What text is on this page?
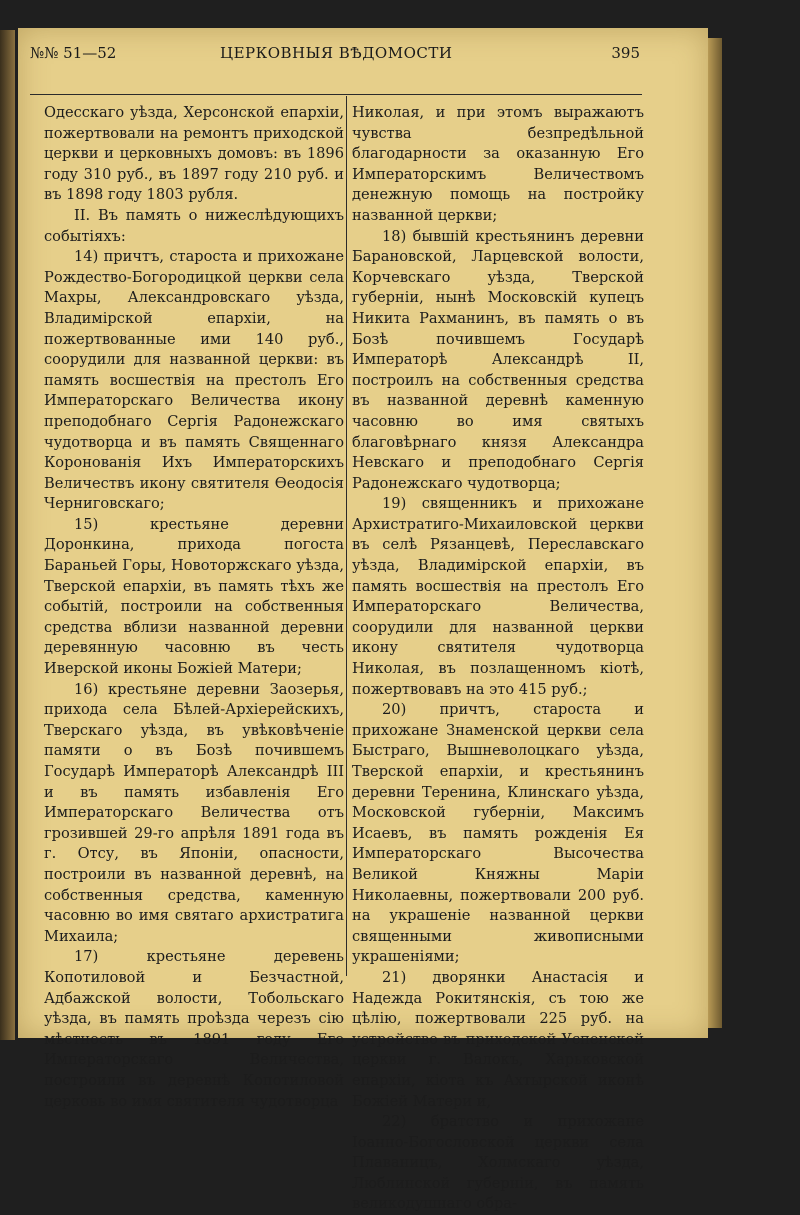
№№ 51—52	ЦЕРКОВНЫЯ ВѢДОМОСТИ	395

Одесскаго уѣзда, Херсонской епархіи, пожертвовали на ремонтъ приходской церкви и церковныхъ домовъ: въ 1896 году 310 руб., въ 1897 году 210 руб. и въ 1898 году 1803 рубля.

II. Въ память о нижеслѣдующихъ событіяхъ:

14) причтъ, староста и прихожане Рождество-Богородицкой церкви села Махры, Александровскаго уѣзда, Владимірской епархіи, на пожертвованные ими 140 руб., соорудили для названной церкви: въ память восшествія на престолъ Его Императорскаго Величества икону преподобнаго Сергія Радонежскаго чудотворца и въ память Священнаго Коронованія Ихъ Императорскихъ Величествъ икону святителя Ѳеодосія Черниговскаго;

15) крестьяне деревни Доронкина, прихода погоста Бараньей Горы, Новоторжскаго уѣзда, Тверской епархіи, въ память тѣхъ же событій, построили на собственныя средства вблизи названной деревни деревянную часовню въ честь Иверской иконы Божіей Матери;

16) крестьяне деревни Заозерья, прихода села Бѣлей-Архіерейскихъ, Тверскаго уѣзда, въ увѣковѣченіе памяти о въ Бозѣ почившемъ Государѣ Императорѣ Александрѣ III и въ память избавленія Его Императорскаго Величества отъ грозившей 29-го апрѣля 1891 года въ г. Отсу, въ Японіи, опасности, построили въ названной деревнѣ, на собственныя средства, каменную часовню во имя святаго архистратига Михаила;

17) крестьяне деревень Копотиловой и Безчастной, Адбажской волости, Тобольскаго уѣзда, въ память проѣзда черезъ сію мѣстность въ 1891 году Его Императорскаго Величества, построили въ деревнѣ Копотиловой церковь во имя святителя чудотворца

Николая, и при этомъ выражаютъ чувства безпредѣльной благодарности за оказанную Его Императорскимъ Величествомъ денежную помощь на постройку названной церкви;

18) бывшій крестьянинъ деревни Барановской, Ларцевской волости, Корчевскаго уѣзда, Тверской губерніи, нынѣ Московскій купецъ Никита Рахманинъ, въ память о въ Бозѣ почившемъ Государѣ Императорѣ Александрѣ II, построилъ на собственныя средства въ названной деревнѣ каменную часовню во имя святыхъ благовѣрнаго князя Александра Невскаго и преподобнаго Сергія Радонежскаго чудотворца;

19) священникъ и прихожане Архистратиго-Михаиловской церкви въ селѣ Рязанцевѣ, Переславскаго уѣзда, Владимірской епархіи, въ память восшествія на престолъ Его Императорскаго Величества, соорудили для названной церкви икону святителя чудотворца Николая, въ позлащенномъ кіотѣ, пожертвовавъ на это 415 руб.;

20) причтъ, староста и прихожане Знаменской церкви села Быстраго, Вышневолоцкаго уѣзда, Тверской епархіи, и крестьянинъ деревни Теренина, Клинскаго уѣзда, Московской губерніи, Максимъ Исаевъ, въ память рожденія Ея Императорскаго Высочества Великой Княжны Маріи Николаевны, пожертвовали 200 руб. на украшеніе названной церкви священными живописными украшеніями;

21) дворянки Анастасія и Надежда Рокитянскія, съ тою же цѣлію, пожертвовали 225 руб. на устройство въ приходской Успенской церкви г. Валокъ, Харьковской епархіи, кіота къ Ахтырской иконѣ Божіей Матери и,

22) братство и прихожане Іоанно-Богословской церкви села Плаваницъ, Холмскаго уѣзда, Люблинской губерніи, въ память великодушнаго обра-
